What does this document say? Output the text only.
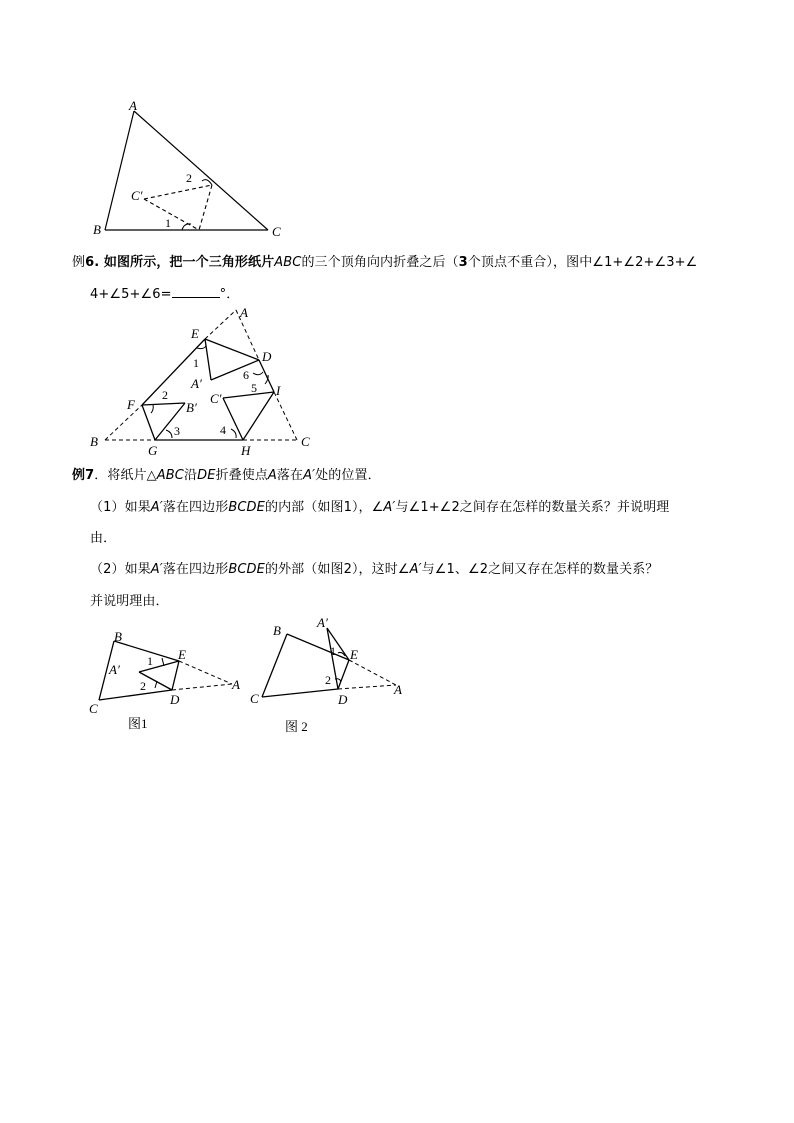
A
B	C
C′
2
1
例6. 如图所示，把一个三角形纸片ABC的三个顶角向内折叠之后（3个顶点不重合），图中∠1+∠2+∠3+∠
4+∠5+∠6=	°．
A
E
D
A′	I
C′
F	B′
B
G	H
C
1
2
3	4
5
6
例7．将纸片△ABC沿DE折叠使点A落在A′处的位置．
（1）如果A′落在四边形BCDE的内部（如图1），∠A′与∠1+∠2之间存在怎样的数量关系？并说明理
由．
（2）如果A′落在四边形BCDE的外部（如图2），这时∠A′与∠1、∠2之间又存在怎样的数量关系？
并说明理由．
B
E
A′
A
C
D
1
2
图1
B
A′
E
A
C	D
1
2
图 2
